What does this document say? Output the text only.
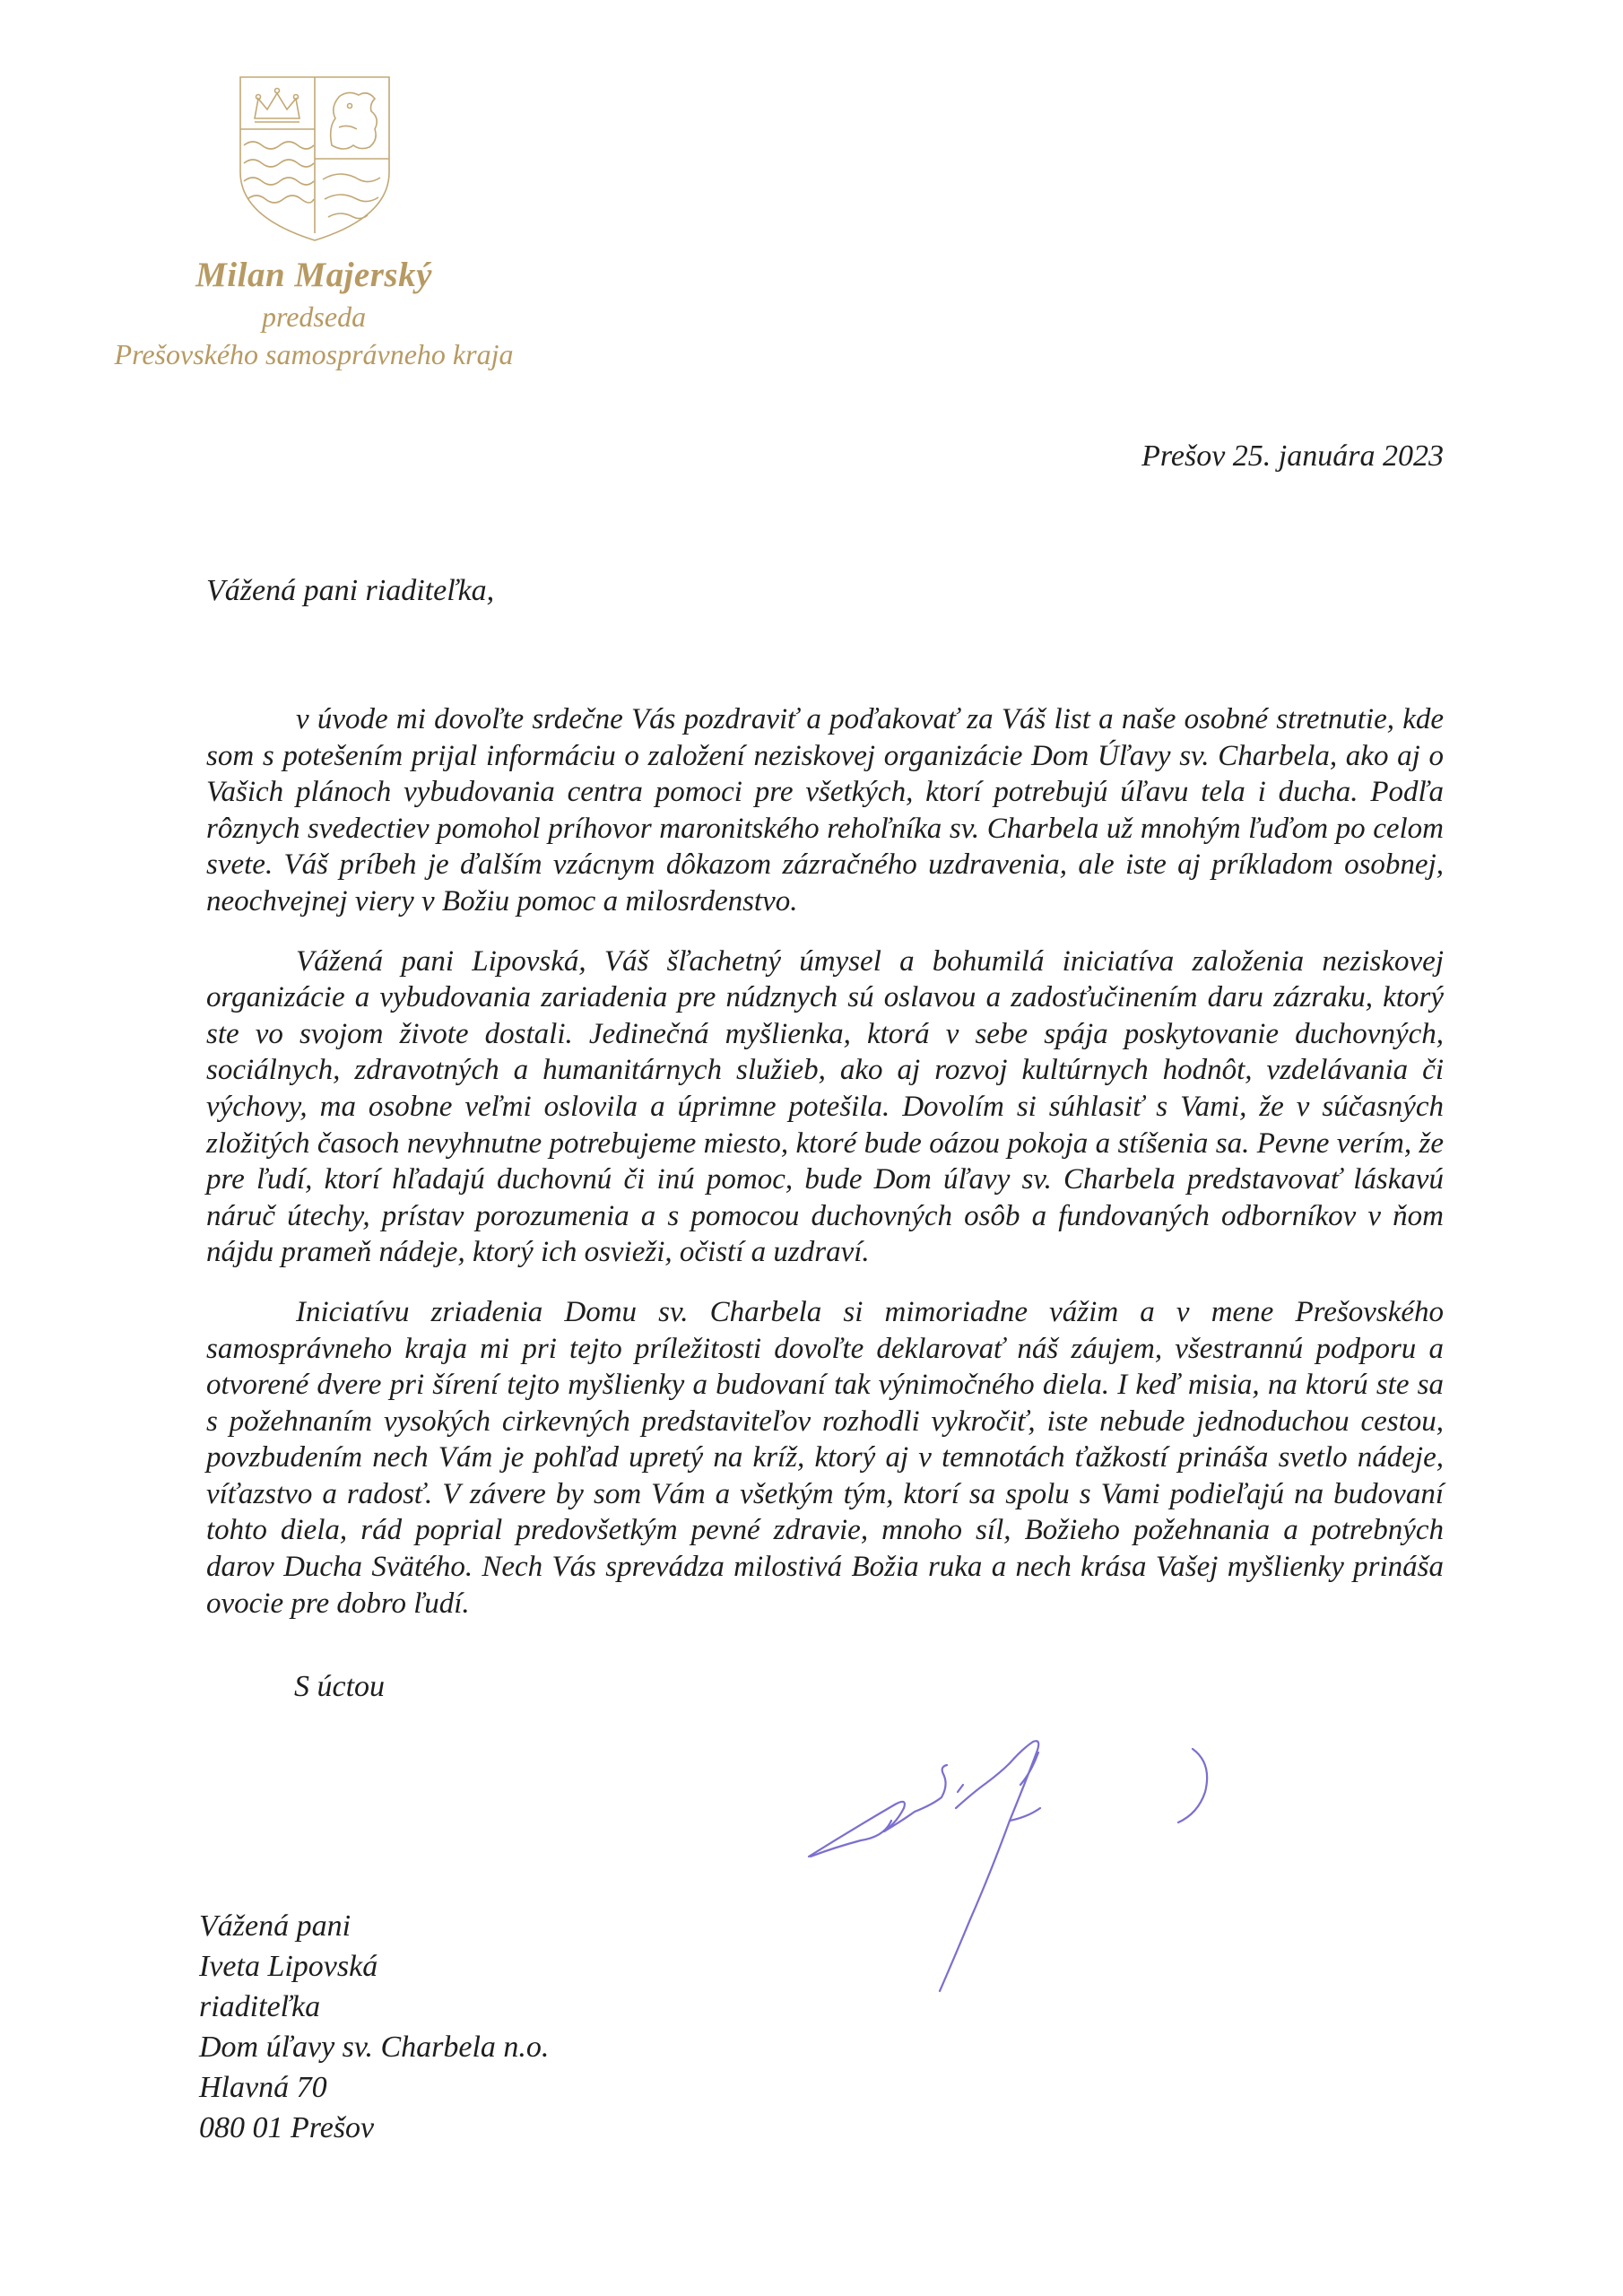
Milan Majerský
predseda
Prešovského samosprávneho kraja
Prešov 25. januára 2023
Vážená pani riaditeľka,

v úvode mi dovoľte srdečne Vás pozdraviť a poďakovať za Váš list a naše osobné stretnutie, kde som s potešením prijal informáciu o založení neziskovej organizácie Dom Úľavy sv. Charbela, ako aj o Vašich plánoch vybudovania centra pomoci pre všetkých, ktorí potrebujú úľavu tela i ducha. Podľa rôznych svedectiev pomohol príhovor maronitského rehoľníka sv. Charbela už mnohým ľuďom po celom svete. Váš príbeh je ďalším vzácnym dôkazom zázračného uzdravenia, ale iste aj príkladom osobnej, neochvejnej viery v Božiu pomoc a milosrdenstvo.

Vážená pani Lipovská, Váš šľachetný úmysel a bohumilá iniciatíva založenia neziskovej organizácie a vybudovania zariadenia pre núdznych sú oslavou a zadosťučinením daru zázraku, ktorý ste vo svojom živote dostali. Jedinečná myšlienka, ktorá v sebe spája poskytovanie duchovných, sociálnych, zdravotných a humanitárnych služieb, ako aj rozvoj kultúrnych hodnôt, vzdelávania či výchovy, ma osobne veľmi oslovila a úprimne potešila. Dovolím si súhlasiť s Vami, že v súčasných zložitých časoch nevyhnutne potrebujeme miesto, ktoré bude oázou pokoja a stíšenia sa. Pevne verím, že pre ľudí, ktorí hľadajú duchovnú či inú pomoc, bude Dom úľavy sv. Charbela predstavovať láskavú náruč útechy, prístav porozumenia a s pomocou duchovných osôb a fundovaných odborníkov v ňom nájdu prameň nádeje, ktorý ich osvieži, očistí a uzdraví.

Iniciatívu zriadenia Domu sv. Charbela si mimoriadne vážim a v mene Prešovského samosprávneho kraja mi pri tejto príležitosti dovoľte deklarovať náš záujem, všestrannú podporu a otvorené dvere pri šírení tejto myšlienky a budovaní tak výnimočného diela. I keď misia, na ktorú ste sa s požehnaním vysokých cirkevných predstaviteľov rozhodli vykročiť, iste nebude jednoduchou cestou, povzbudením nech Vám je pohľad upretý na kríž, ktorý aj v temnotách ťažkostí prináša svetlo nádeje, víťazstvo a radosť. V závere by som Vám a všetkým tým, ktorí sa spolu s Vami podieľajú na budovaní tohto diela, rád poprial predovšetkým pevné zdravie, mnoho síl, Božieho požehnania a potrebných darov Ducha Svätého. Nech Vás sprevádza milostivá Božia ruka a nech krása Vašej myšlienky prináša ovocie pre dobro ľudí.

S úctou
Vážená pani
Iveta Lipovská
riaditeľka
Dom úľavy sv. Charbela n.o.
Hlavná 70
080 01 Prešov
